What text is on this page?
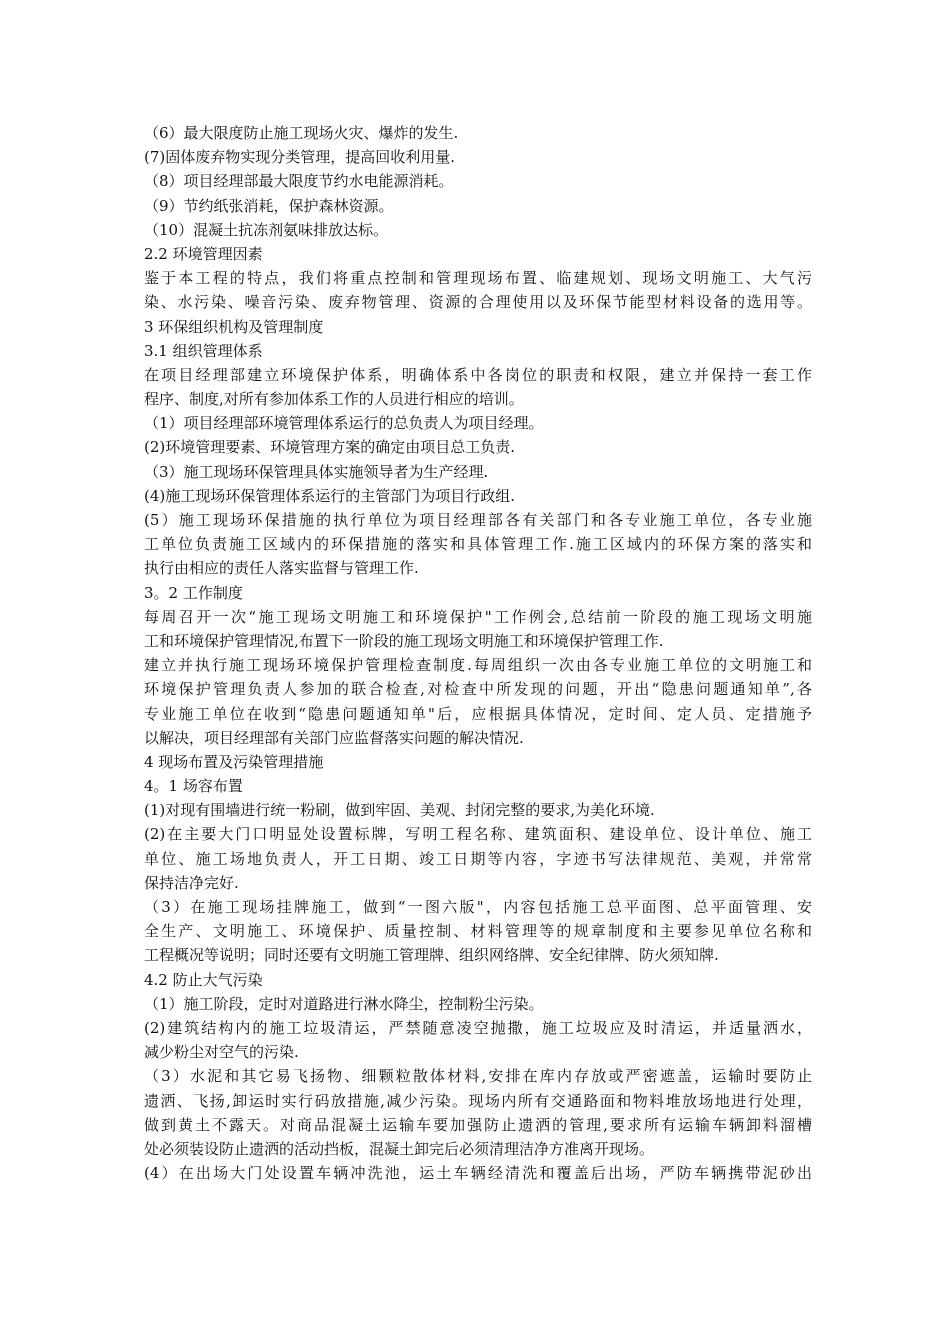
（6）最大限度防止施工现场火灾、爆炸的发生.
(7)固体废弃物实现分类管理，提高回收利用量.
（8）项目经理部最大限度节约水电能源消耗。
（9）节约纸张消耗，保护森林资源。
（10）混凝土抗冻剂氨味排放达标。
2.2 环境管理因素
鉴于本工程的特点，我们将重点控制和管理现场布置、临建规划、现场文明施工、大气污
染、水污染、噪音污染、废弃物管理、资源的合理使用以及环保节能型材料设备的选用等。
3 环保组织机构及管理制度
3.1 组织管理体系
在项目经理部建立环境保护体系，明确体系中各岗位的职责和权限，建立并保持一套工作
程序、制度,对所有参加体系工作的人员进行相应的培训。
（1）项目经理部环境管理体系运行的总负责人为项目经理。
(2)环境管理要素、环境管理方案的确定由项目总工负责.
（3）施工现场环保管理具体实施领导者为生产经理.
(4)施工现场环保管理体系运行的主管部门为项目行政组.
(5）施工现场环保措施的执行单位为项目经理部各有关部门和各专业施工单位，各专业施
工单位负责施工区域内的环保措施的落实和具体管理工作.施工区域内的环保方案的落实和
执行由相应的责任人落实监督与管理工作.
3。2 工作制度
每周召开一次“施工现场文明施工和环境保护"工作例会,总结前一阶段的施工现场文明施
工和环境保护管理情况,布置下一阶段的施工现场文明施工和环境保护管理工作.
建立并执行施工现场环境保护管理检查制度.每周组织一次由各专业施工单位的文明施工和
环境保护管理负责人参加的联合检查,对检查中所发现的问题，开出“隐患问题通知单”,各
专业施工单位在收到“隐患问题通知单"后，应根据具体情况，定时间、定人员、定措施予
以解决，项目经理部有关部门应监督落实问题的解决情况.
4 现场布置及污染管理措施
4。1 场容布置
(1)对现有围墙进行统一粉刷，做到牢固、美观、封闭完整的要求,为美化环境.
(2)在主要大门口明显处设置标牌，写明工程名称、建筑面积、建设单位、设计单位、施工
单位、施工场地负责人，开工日期、竣工日期等内容，字迹书写法律规范、美观，并常常
保持洁净完好.
（3）在施工现场挂牌施工，做到“一图六版"，内容包括施工总平面图、总平面管理、安
全生产、文明施工、环境保护、质量控制、材料管理等的规章制度和主要参见单位名称和
工程概况等说明；同时还要有文明施工管理牌、组织网络牌、安全纪律牌、防火须知牌.
4.2 防止大气污染
（1）施工阶段，定时对道路进行淋水降尘，控制粉尘污染。
(2)建筑结构内的施工垃圾清运，严禁随意凌空抛撒，施工垃圾应及时清运，并适量洒水，
减少粉尘对空气的污染.
（3）水泥和其它易飞扬物、细颗粒散体材料,安排在库内存放或严密遮盖，运输时要防止
遗洒、飞扬,卸运时实行码放措施,减少污染。现场内所有交通路面和物料堆放场地进行处理，
做到黄土不露天。对商品混凝土运输车要加强防止遗洒的管理,要求所有运输车辆卸料溜槽
处必须装设防止遗洒的活动挡板，混凝土卸完后必须清理洁净方准离开现场。
(4）在出场大门处设置车辆冲洗池，运土车辆经清洗和覆盖后出场，严防车辆携带泥砂出
